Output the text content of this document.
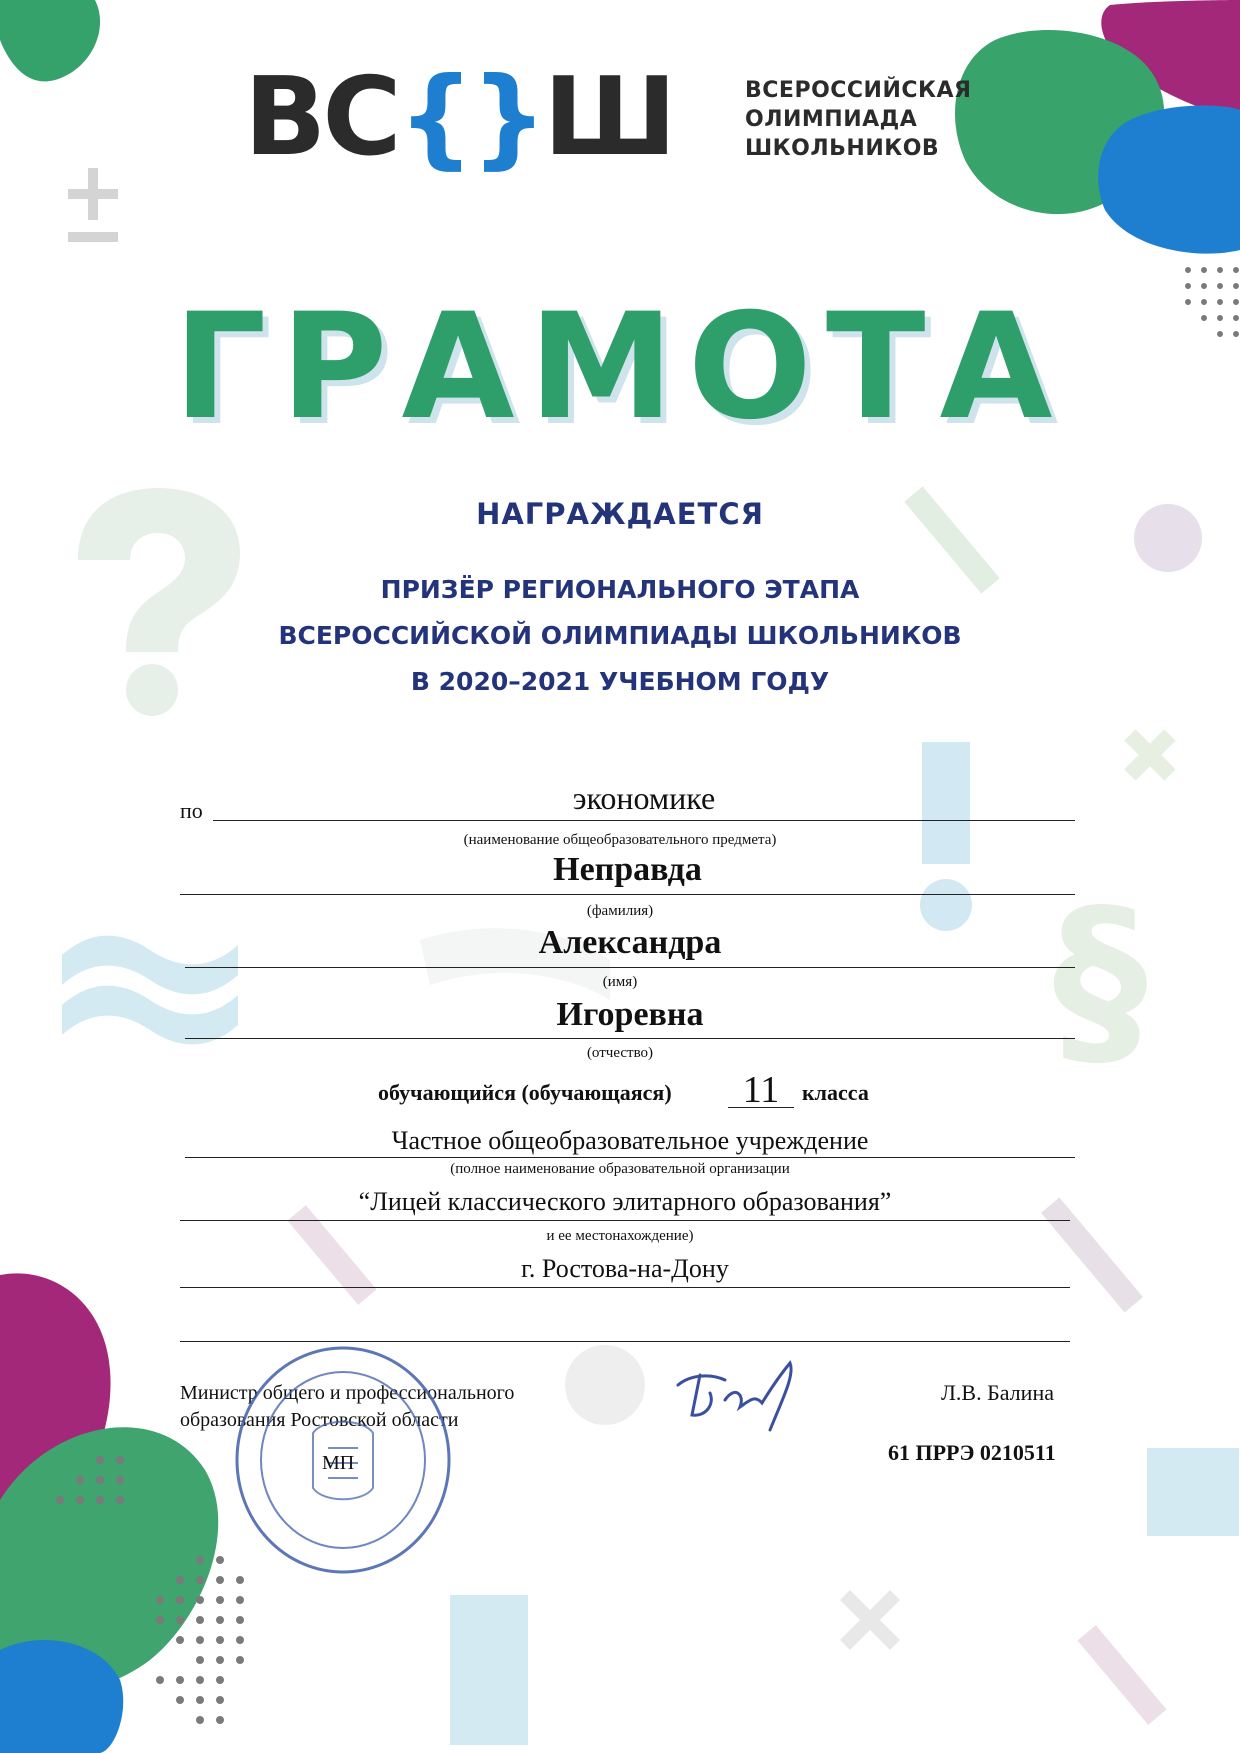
§
ВС{}Ш	ВСЕРОССИЙСКАЯ
ОЛИМПИАДА
ШКОЛЬНИКОВ
ГРАМОТА
НАГРАЖДАЕТСЯ
ПРИЗЁР РЕГИОНАЛЬНОГО ЭТАПА
ВСЕРОССИЙСКОЙ ОЛИМПИАДЫ ШКОЛЬНИКОВ
В 2020–2021 УЧЕБНОМ ГОДУ
по	экономике
(наименование общеобразовательного предмета)
Неправда
(фамилия)
Александра
(имя)
Игоревна
(отчество)
обучающийся (обучающаяся)	11	класса
Частное общеобразовательное учреждение
(полное наименование образовательной организации
“Лицей классического элитарного образования”
и ее местонахождение)
г. Ростова-на-Дону
Министр общего и профессионального
образования Ростовской области
МП
Л.В. Балина
61 ПРРЭ 0210511
